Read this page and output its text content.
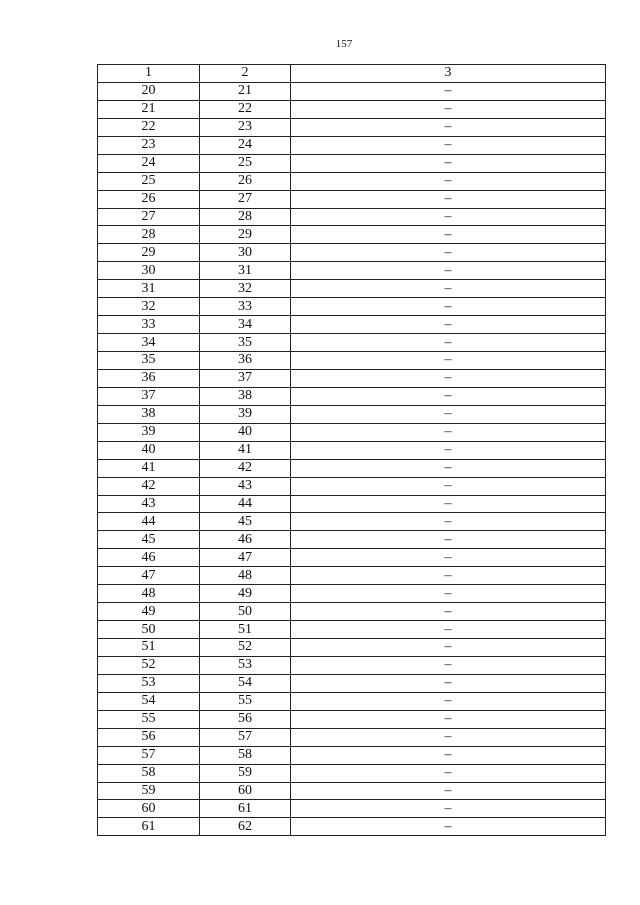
157
1	2	3
20	21	–
21	22	–
22	23	–
23	24	–
24	25	–
25	26	–
26	27	–
27	28	–
28	29	–
29	30	–
30	31	–
31	32	–
32	33	–
33	34	–
34	35	–
35	36	–
36	37	–
37	38	–
38	39	–
39	40	–
40	41	–
41	42	–
42	43	–
43	44	–
44	45	–
45	46	–
46	47	–
47	48	–
48	49	–
49	50	–
50	51	–
51	52	–
52	53	–
53	54	–
54	55	–
55	56	–
56	57	–
57	58	–
58	59	–
59	60	–
60	61	–
61	62	–
